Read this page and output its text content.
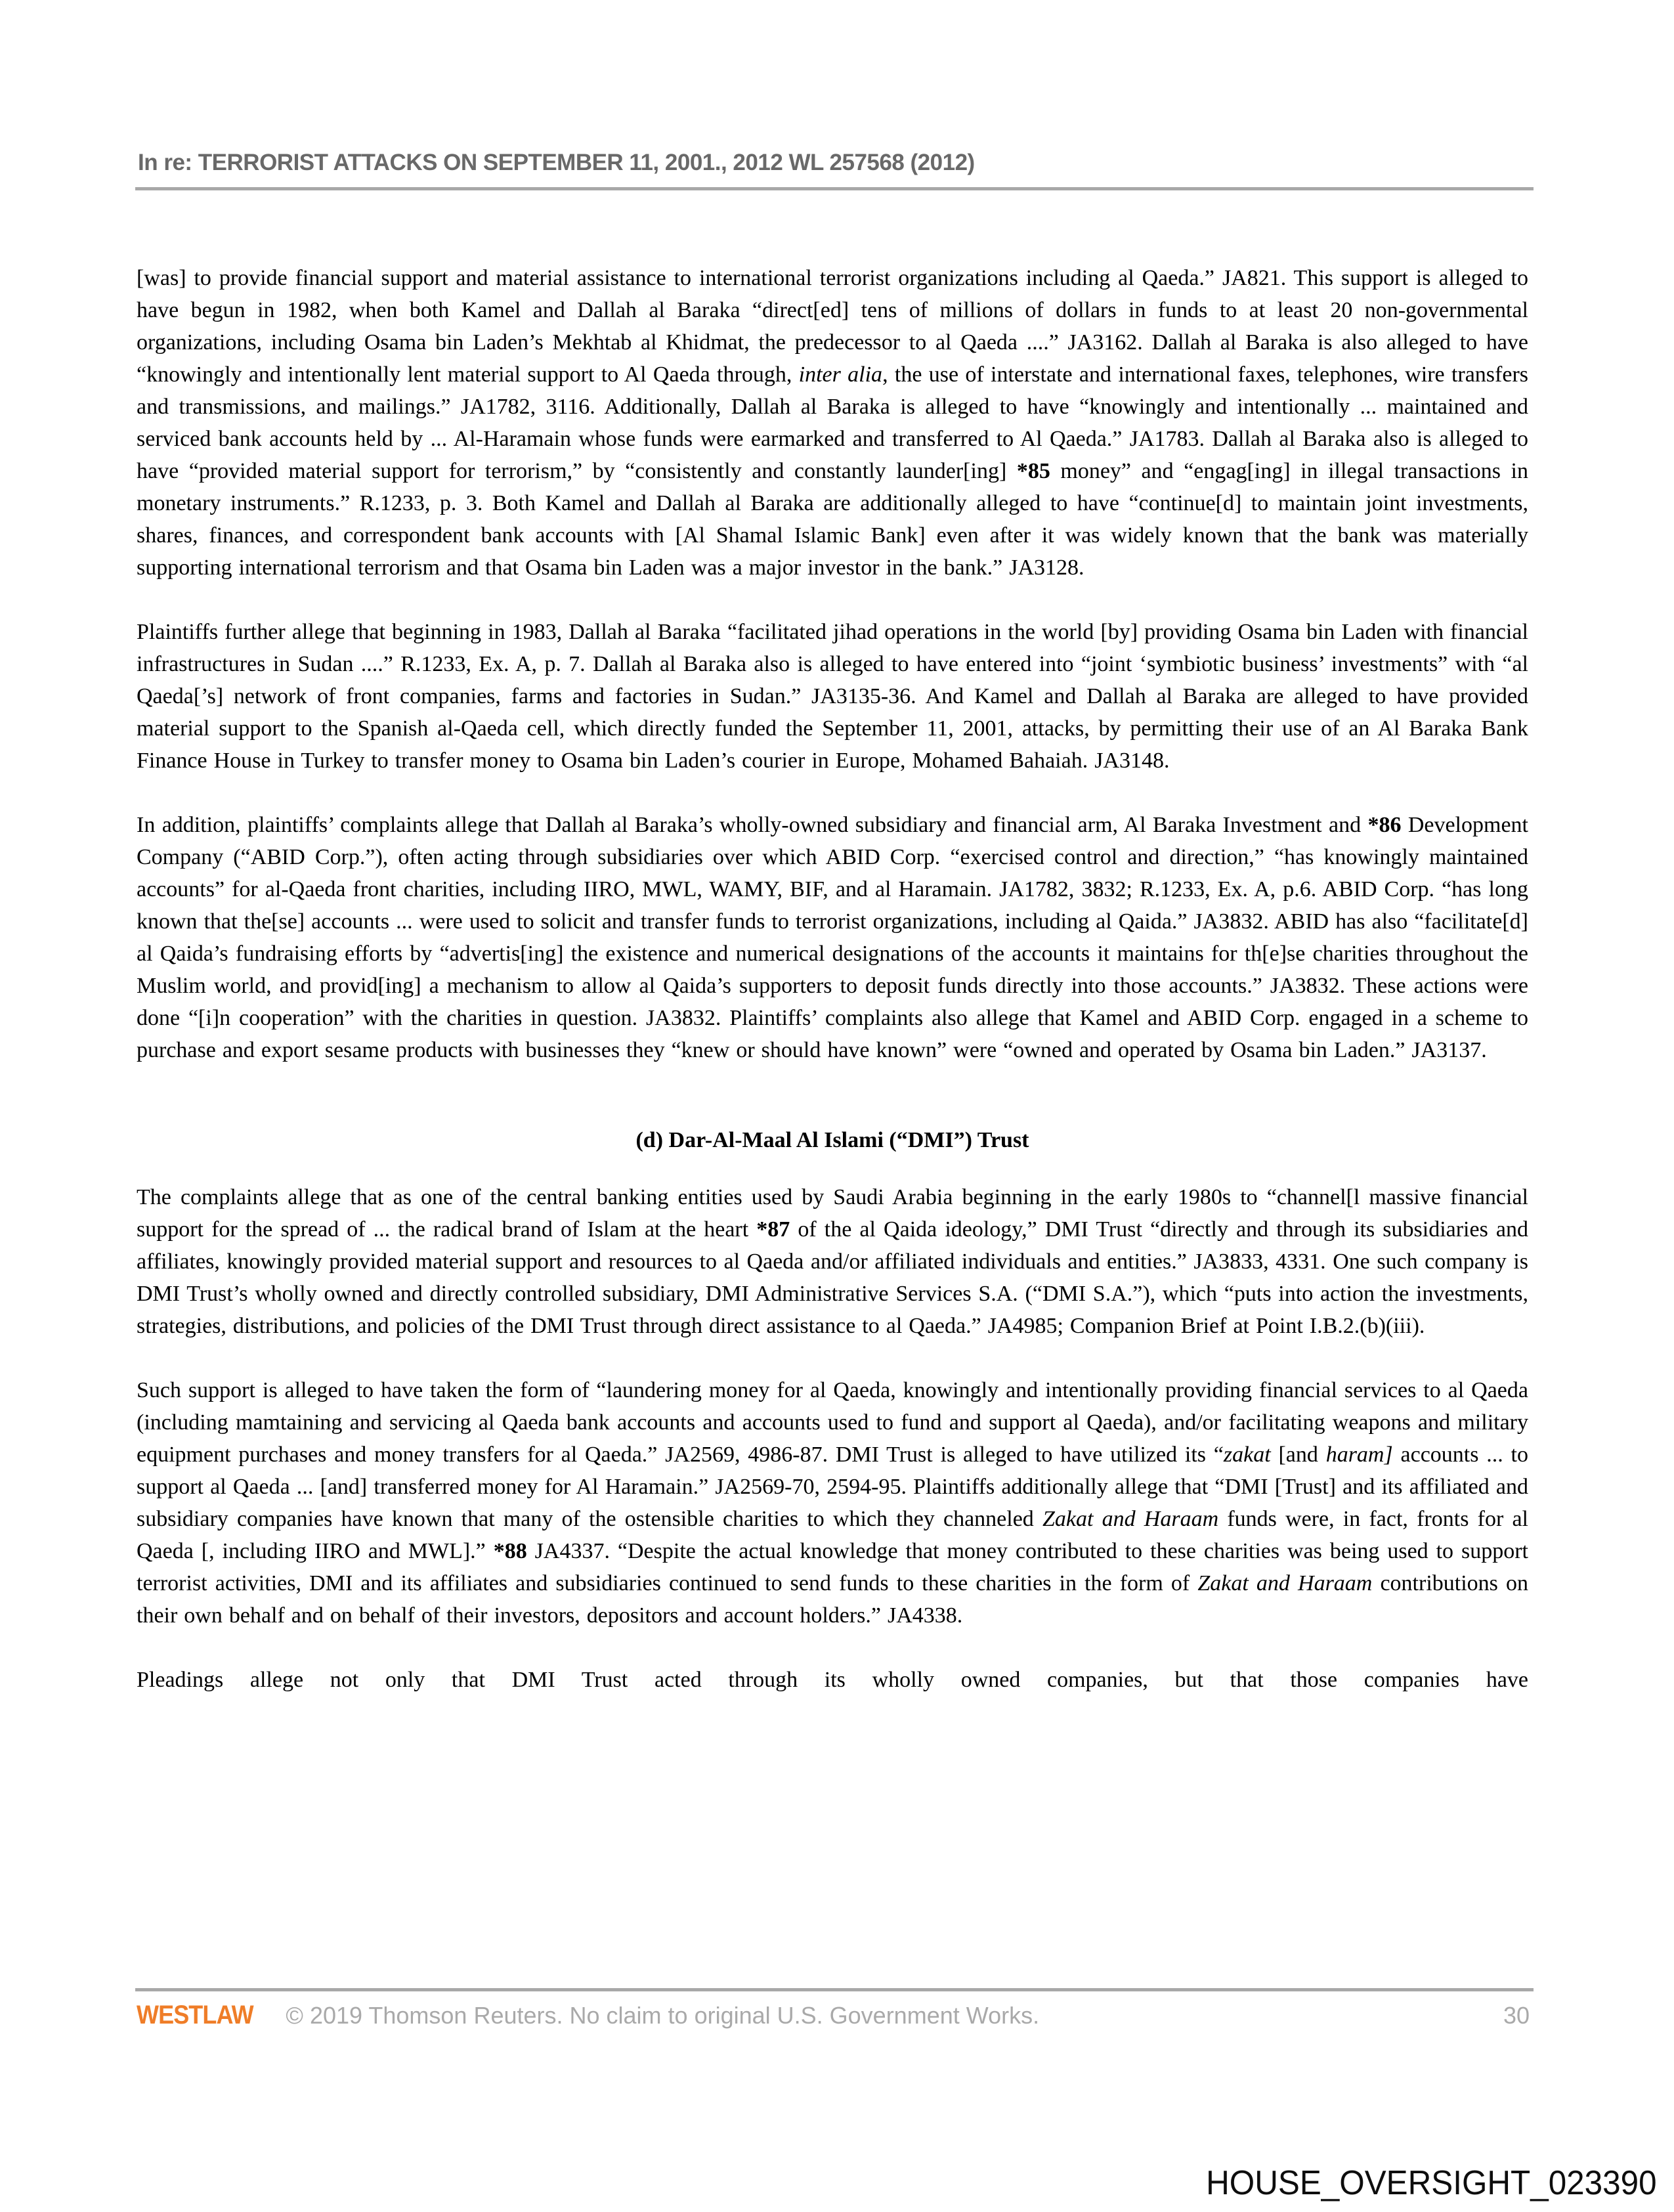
In re: TERRORIST ATTACKS ON SEPTEMBER 11, 2001., 2012 WL 257568 (2012)

[was] to provide financial support and material assistance to international terrorist organizations including al Qaeda.” JA821. This support is alleged to have begun in 1982, when both Kamel and Dallah al Baraka “direct[ed] tens of millions of dollars in funds to at least 20 non-governmental organizations, including Osama bin Laden’s Mekhtab al Khidmat, the predecessor to al Qaeda ....” JA3162. Dallah al Baraka is also alleged to have “knowingly and intentionally lent material support to Al Qaeda through, inter alia, the use of interstate and international faxes, telephones, wire transfers and transmissions, and mailings.” JA1782, 3116. Additionally, Dallah al Baraka is alleged to have “knowingly and intentionally ... maintained and serviced bank accounts held by ... Al-Haramain whose funds were earmarked and transferred to Al Qaeda.” JA1783. Dallah al Baraka also is alleged to have “provided material support for terrorism,” by “consistently and constantly launder[ing] *85 money” and “engag[ing] in illegal transactions in monetary instruments.” R.1233, p. 3. Both Kamel and Dallah al Baraka are additionally alleged to have “continue[d] to maintain joint investments, shares, finances, and correspondent bank accounts with [Al Shamal Islamic Bank] even after it was widely known that the bank was materially supporting international terrorism and that Osama bin Laden was a major investor in the bank.” JA3128.

Plaintiffs further allege that beginning in 1983, Dallah al Baraka “facilitated jihad operations in the world [by] providing Osama bin Laden with financial infrastructures in Sudan ....” R.1233, Ex. A, p. 7. Dallah al Baraka also is alleged to have entered into “joint ‘symbiotic business’ investments” with “al Qaeda[’s] network of front companies, farms and factories in Sudan.” JA3135-36. And Kamel and Dallah al Baraka are alleged to have provided material support to the Spanish al-Qaeda cell, which directly funded the September 11, 2001, attacks, by permitting their use of an Al Baraka Bank Finance House in Turkey to transfer money to Osama bin Laden’s courier in Europe, Mohamed Bahaiah. JA3148.

In addition, plaintiffs’ complaints allege that Dallah al Baraka’s wholly-owned subsidiary and financial arm, Al Baraka Investment and *86 Development Company (“ABID Corp.”), often acting through subsidiaries over which ABID Corp. “exercised control and direction,” “has knowingly maintained accounts” for al-Qaeda front charities, including IIRO, MWL, WAMY, BIF, and al Haramain. JA1782, 3832; R.1233, Ex. A, p.6. ABID Corp. “has long known that the[se] accounts ... were used to solicit and transfer funds to terrorist organizations, including al Qaida.” JA3832. ABID has also “facilitate[d] al Qaida’s fundraising efforts by “advertis[ing] the existence and numerical designations of the accounts it maintains for th[e]se charities throughout the Muslim world, and provid[ing] a mechanism to allow al Qaida’s supporters to deposit funds directly into those accounts.” JA3832. These actions were done “[i]n cooperation” with the charities in question. JA3832. Plaintiffs’ complaints also allege that Kamel and ABID Corp. engaged in a scheme to purchase and export sesame products with businesses they “knew or should have known” were “owned and operated by Osama bin Laden.” JA3137.

(d) Dar-Al-Maal Al Islami (“DMI”) Trust

The complaints allege that as one of the central banking entities used by Saudi Arabia beginning in the early 1980s to “channel[l massive financial support for the spread of ... the radical brand of Islam at the heart *87 of the al Qaida ideology,” DMI Trust “directly and through its subsidiaries and affiliates, knowingly provided material support and resources to al Qaeda and/or affiliated individuals and entities.” JA3833, 4331. One such company is DMI Trust’s wholly owned and directly controlled subsidiary, DMI Administrative Services S.A. (“DMI S.A.”), which “puts into action the investments, strategies, distributions, and policies of the DMI Trust through direct assistance to al Qaeda.” JA4985; Companion Brief at Point I.B.2.(b)(iii).

Such support is alleged to have taken the form of “laundering money for al Qaeda, knowingly and intentionally providing financial services to al Qaeda (including mamtaining and servicing al Qaeda bank accounts and accounts used to fund and support al Qaeda), and/or facilitating weapons and military equipment purchases and money transfers for al Qaeda.” JA2569, 4986-87. DMI Trust is alleged to have utilized its “zakat [and haram] accounts ... to support al Qaeda ... [and] transferred money for Al Haramain.” JA2569-70, 2594-95. Plaintiffs additionally allege that “DMI [Trust] and its affiliated and subsidiary companies have known that many of the ostensible charities to which they channeled Zakat and Haraam funds were, in fact, fronts for al Qaeda [, including IIRO and MWL].” *88 JA4337. “Despite the actual knowledge that money contributed to these charities was being used to support terrorist activities, DMI and its affiliates and subsidiaries continued to send funds to these charities in the form of Zakat and Haraam contributions on their own behalf and on behalf of their investors, depositors and account holders.” JA4338.

Pleadings allege not only that DMI Trust acted through its wholly owned companies, but that those companies have

WESTLAW © 2019 Thomson Reuters. No claim to original U.S. Government Works.	30
HOUSE_OVERSIGHT_023390
